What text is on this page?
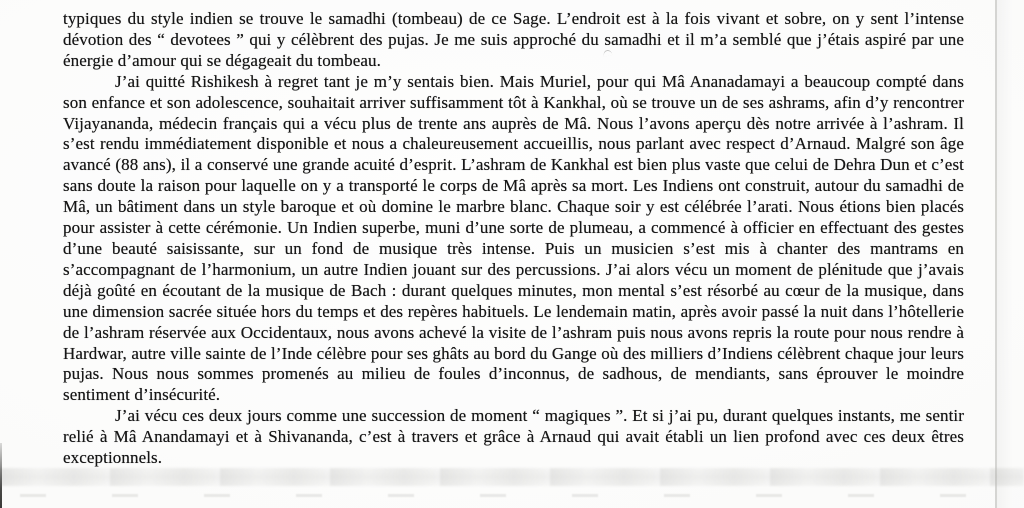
typiques du style indien se trouve le samadhi (tombeau) de ce Sage. L’endroit est à la fois vivant et sobre, on y sent l’intense dévotion des “ devotees ” qui y célèbrent des pujas. Je me suis approché du samadhi et il m’a semblé que j’étais aspiré par une énergie d’amour qui se dégageait du tombeau.

J’ai quitté Rishikesh à regret tant je m’y sentais bien. Mais Muriel, pour qui Mâ Ananadamayi a beaucoup compté dans son enfance et son adolescence, souhaitait arriver suffisamment tôt à Kankhal, où se trouve un de ses ashrams, afin d’y rencontrer Vijayananda, médecin français qui a vécu plus de trente ans auprès de Mâ. Nous l’avons aperçu dès notre arrivée à l’ashram. Il s’est rendu immédiatement disponible et nous a chaleureusement accueillis, nous parlant avec respect d’Arnaud. Malgré son âge avancé (88 ans), il a conservé une grande acuité d’esprit. L’ashram de Kankhal est bien plus vaste que celui de Dehra Dun et c’est sans doute la raison pour laquelle on y a transporté le corps de Mâ après sa mort. Les Indiens ont construit, autour du samadhi de Mâ, un bâtiment dans un style baroque et où domine le marbre blanc. Chaque soir y est célébrée l’arati. Nous étions bien placés pour assister à cette cérémonie. Un Indien superbe, muni d’une sorte de plumeau, a commencé à officier en effectuant des gestes d’une beauté saisissante, sur un fond de musique très intense. Puis un musicien s’est mis à chanter des mantrams en s’accompagnant de l’harmonium, un autre Indien jouant sur des percussions. J’ai alors vécu un moment de plénitude que j’avais déjà goûté en écoutant de la musique de Bach : durant quelques minutes, mon mental s’est résorbé au cœur de la musique, dans une dimension sacrée située hors du temps et des repères habituels. Le lendemain matin, après avoir passé la nuit dans l’hôtellerie de l’ashram réservée aux Occidentaux, nous avons achevé la visite de l’ashram puis nous avons repris la route pour nous rendre à Hardwar, autre ville sainte de l’Inde célèbre pour ses ghâts au bord du Gange où des milliers d’Indiens célèbrent chaque jour leurs pujas. Nous nous sommes promenés au milieu de foules d’inconnus, de sadhous, de mendiants, sans éprouver le moindre sentiment d’insécurité.

J’ai vécu ces deux jours comme une succession de moment “ magiques ”. Et si j’ai pu, durant quelques instants, me sentir relié à Mâ Anandamayi et à Shivananda, c’est à travers et grâce à Arnaud qui avait établi un lien profond avec ces deux êtres exceptionnels.
